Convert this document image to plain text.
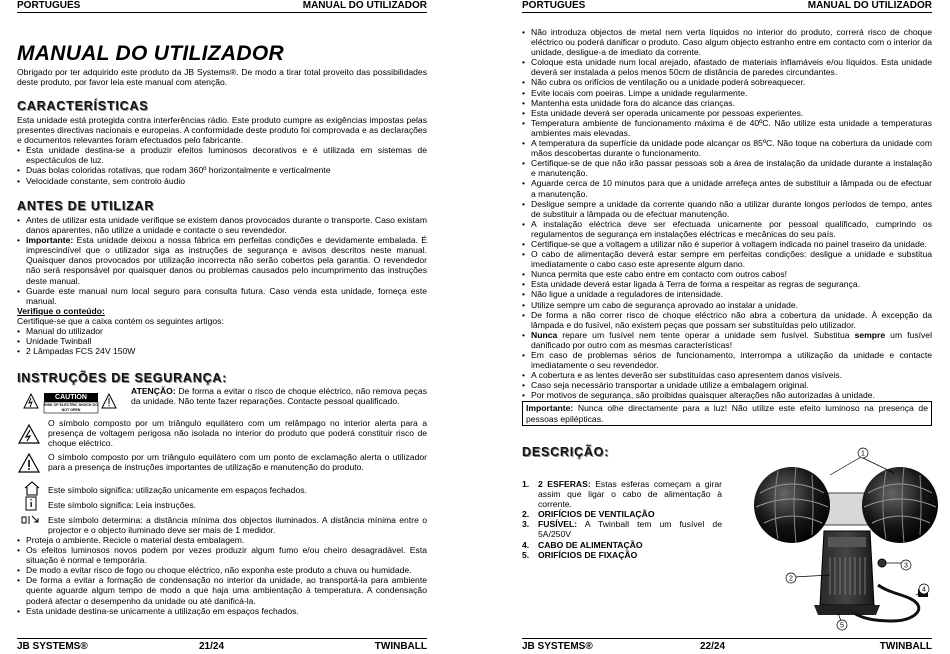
PORTUGUÊS	MANUAL DO UTILIZADOR
MANUAL DO UTILIZADOR
Obrigado por ter adquirido este produto da JB Systems®. De modo a tirar total proveito das possibilidades deste produto, por favor leia este manual com atenção.
CARACTERÍSTICAS
Esta unidade está protegida contra interferências rádio. Este produto cumpre as exigências impostas pelas presentes directivas nacionais e europeias. A conformidade deste produto foi comprovada e as declarações e documentos relevantes foram efectuados pelo fabricante.
• Esta unidade destina-se a produzir efeitos luminosos decorativos e é utilizada em sistemas de espectáculos de luz.
• Duas bolas coloridas rotativas, que rodam 360º horizontalmente e verticalmente
• Velocidade constante, sem controlo áudio
ANTES DE UTILIZAR
• Antes de utilizar esta unidade verifique se existem danos provocados durante o transporte. Caso existam danos aparentes, não utilize a unidade e contacte o seu revendedor.
• Importante: Esta unidade deixou a nossa fábrica em perfeitas condições e devidamente embalada. É imprescindível que o utilizador siga as instruções de segurança e avisos descritos neste manual. Quaisquer danos provocados por utilização incorrecta não serão cobertos pela garantia. O revendedor não será responsável por quaisquer danos ou problemas causados pelo incumprimento das instruções deste manual.
• Guarde este manual num local seguro para consulta futura. Caso venda esta unidade, forneça este manual.
Verifique o conteúdo:
Certifique-se que a caixa contém os seguintes artigos:
• Manual do utilizador
• Unidade Twinball
• 2 Lâmpadas FCS 24V 150W
INSTRUÇÕES DE SEGURANÇA:
CAUTION
RISK OF ELECTRIC SHOCK DO NOT OPEN
ATENÇÃO: De forma a evitar o risco de choque eléctrico, não remova peças da unidade. Não tente fazer reparações. Contacte pessoal qualificado.
O símbolo composto por um triângulo equilátero com um relâmpago no interior alerta para a presença de voltagem perigosa não isolada no interior do produto que poderá constituir risco de choque eléctrico.
O símbolo composto por um triângulo equilátero com um ponto de exclamação alerta o utilizador para a presença de instruções importantes de utilização e manutenção do produto.
Este símbolo significa: utilização unicamente em espaços fechados.
Este símbolo significa: Leia instruções.
Este símbolo determina: a distância mínima dos objectos iluminados. A distância mínima entre o projector e o objecto iluminado deve ser mais de 1 medidor.
• Proteja o ambiente. Recicle o material desta embalagem.
• Os efeitos luminosos novos podem por vezes produzir algum fumo e/ou cheiro desagradável. Esta situação é normal e temporária.
• De modo a evitar risco de fogo ou choque eléctrico, não exponha este produto a chuva ou humidade.
• De forma a evitar a formação de condensação no interior da unidade, ao transportá-la para ambiente quente aguarde algum tempo de modo a que haja uma ambientação à temperatura. A condensação poderá afectar o desempenho da unidade ou até danificá-la.
• Esta unidade destina-se unicamente a utilização em espaços fechados.
JB SYSTEMS®	21/24	TWINBALL
PORTUGUÊS	MANUAL DO UTILIZADOR
• Não introduza objectos de metal nem verta líquidos no interior do produto, correrá risco de choque eléctrico ou poderá danificar o produto. Caso algum objecto estranho entre em contacto com o interior da unidade, desligue-a de imediato da corrente.
• Coloque esta unidade num local arejado, afastado de materiais inflamáveis e/ou líquidos. Esta unidade deverá ser instalada a pelos menos 50cm de distância de paredes circundantes.
• Não cubra os orifícios de ventilação ou a unidade poderá sobreaquecer.
• Evite locais com poeiras. Limpe a unidade regularmente.
• Mantenha esta unidade fora do alcance das crianças.
• Esta unidade deverá ser operada unicamente por pessoas experientes.
• Temperatura ambiente de funcionamento máxima é de 40ºC. Não utilize esta unidade a temperaturas ambientes mais elevadas.
• A temperatura da superfície da unidade pode alcançar os 85ºC. Não toque na cobertura da unidade com mãos descobertas durante o funcionamento.
• Certifique-se de que não irão passar pessoas sob a área de instalação da unidade durante a instalação e manutenção.
• Aguarde cerca de 10 minutos para que a unidade arrefeça antes de substituir a lâmpada ou de efectuar a manutenção.
• Desligue sempre a unidade da corrente quando não a utilizar durante longos períodos de tempo, antes de substituir a lâmpada ou de efectuar manutenção.
• A instalação eléctrica deve ser efectuada unicamente por pessoal qualificado, cumprindo os regulamentos de segurança em instalações eléctricas e mecânicas do seu país.
• Certifique-se que a voltagem a utilizar não é superior à voltagem indicada no painel traseiro da unidade.
• O cabo de alimentação deverá estar sempre em perfeitas condições: desligue a unidade e substitua imediatamente o cabo caso este apresente algum dano.
• Nunca permita que este cabo entre em contacto com outros cabos!
• Esta unidade deverá estar ligada à Terra de forma a respeitar as regras de segurança.
• Não ligue a unidade a reguladores de intensidade.
• Utilize sempre um cabo de segurança aprovado ao instalar a unidade.
• De forma a não correr risco de choque eléctrico não abra a cobertura da unidade. À excepção da lâmpada e do fusível, não existem peças que possam ser substituídas pelo utilizador.
• Nunca repare um fusível nem tente operar a unidade sem fusível. Substitua sempre um fusível danificado por outro com as mesmas características!
• Em caso de problemas sérios de funcionamento, interrompa a utilização da unidade e contacte imediatamente o seu revendedor.
• A cobertura e as lentes deverão ser substituídas caso apresentem danos visíveis.
• Caso seja necessário transportar a unidade utilize a embalagem original.
• Por motivos de segurança, são proibidas quaisquer alterações não autorizadas à unidade.
Importante: Nunca olhe directamente para a luz! Não utilize este efeito luminoso na presença de pessoas epilépticas.
DESCRIÇÃO:
1. 2 ESFERAS: Estas esferas começam a girar assim que ligar o cabo de alimentação à corrente.
2. ORIFÍCIOS DE VENTILAÇÃO
3. FUSÍVEL: A Twinball tem um fusível de 5A/250V
4. CABO DE ALIMENTAÇÃO
5. ORIFÍCIOS DE FIXAÇÃO
1
2
3
4
5
JB SYSTEMS®	22/24	TWINBALL
